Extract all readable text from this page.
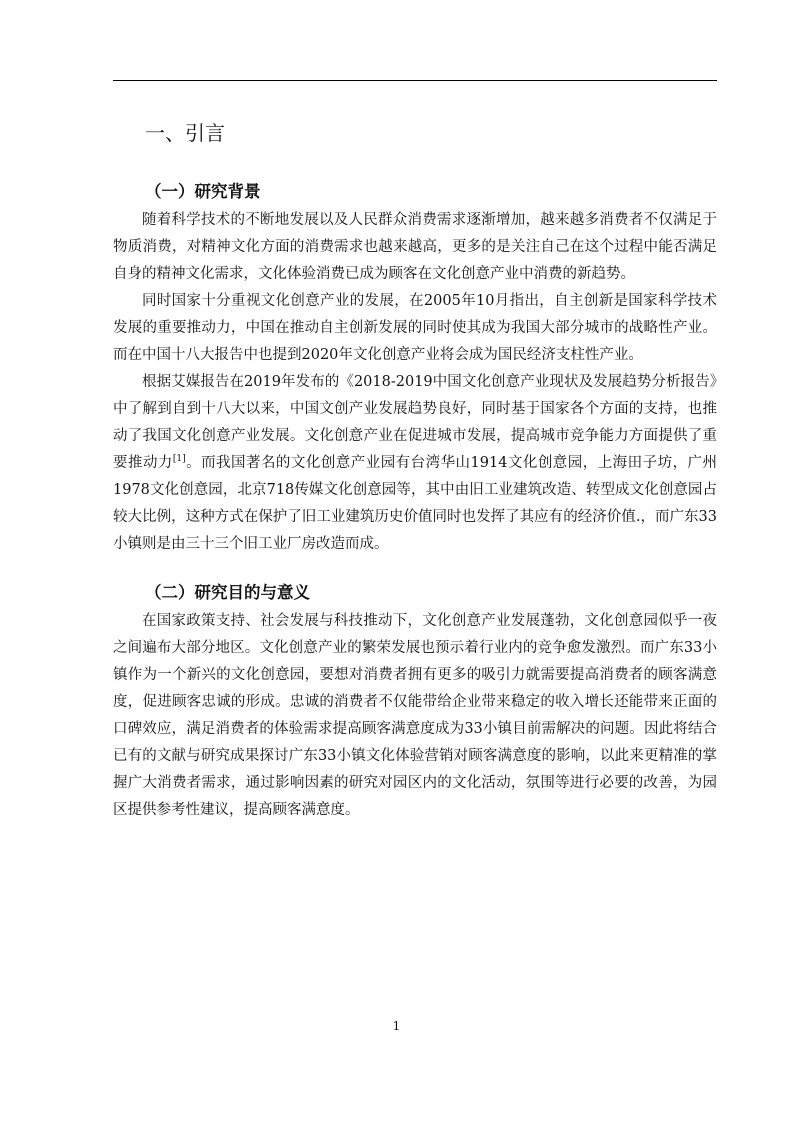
一、引言
（一）研究背景

随着科学技术的不断地发展以及人民群众消费需求逐渐增加，越来越多消费者不仅满足于物质消费，对精神文化方面的消费需求也越来越高，更多的是关注自己在这个过程中能否满足自身的精神文化需求，文化体验消费已成为顾客在文化创意产业中消费的新趋势。

同时国家十分重视文化创意产业的发展，在2005年10月指出，自主创新是国家科学技术发展的重要推动力，中国在推动自主创新发展的同时使其成为我国大部分城市的战略性产业。而在中国十八大报告中也提到2020年文化创意产业将会成为国民经济支柱性产业。

根据艾媒报告在2019年发布的《2018-2019中国文化创意产业现状及发展趋势分析报告》中了解到自到十八大以来，中国文创产业发展趋势良好，同时基于国家各个方面的支持，也推动了我国文化创意产业发展。文化创意产业在促进城市发展，提高城市竞争能力方面提供了重要推动力[1]。而我国著名的文化创意产业园有台湾华山1914文化创意园，上海田子坊，广州1978文化创意园，北京718传媒文化创意园等，其中由旧工业建筑改造、转型成文化创意园占较大比例，这种方式在保护了旧工业建筑历史价值同时也发挥了其应有的经济价值.，而广东33小镇则是由三十三个旧工业厂房改造而成。

（二）研究目的与意义

在国家政策支持、社会发展与科技推动下，文化创意产业发展蓬勃，文化创意园似乎一夜之间遍布大部分地区。文化创意产业的繁荣发展也预示着行业内的竞争愈发激烈。而广东33小镇作为一个新兴的文化创意园，要想对消费者拥有更多的吸引力就需要提高消费者的顾客满意度，促进顾客忠诚的形成。忠诚的消费者不仅能带给企业带来稳定的收入增长还能带来正面的口碑效应，满足消费者的体验需求提高顾客满意度成为33小镇目前需解决的问题。因此将结合已有的文献与研究成果探讨广东33小镇文化体验营销对顾客满意度的影响，以此来更精准的掌握广大消费者需求，通过影响因素的研究对园区内的文化活动，氛围等进行必要的改善，为园区提供参考性建议，提高顾客满意度。

1
